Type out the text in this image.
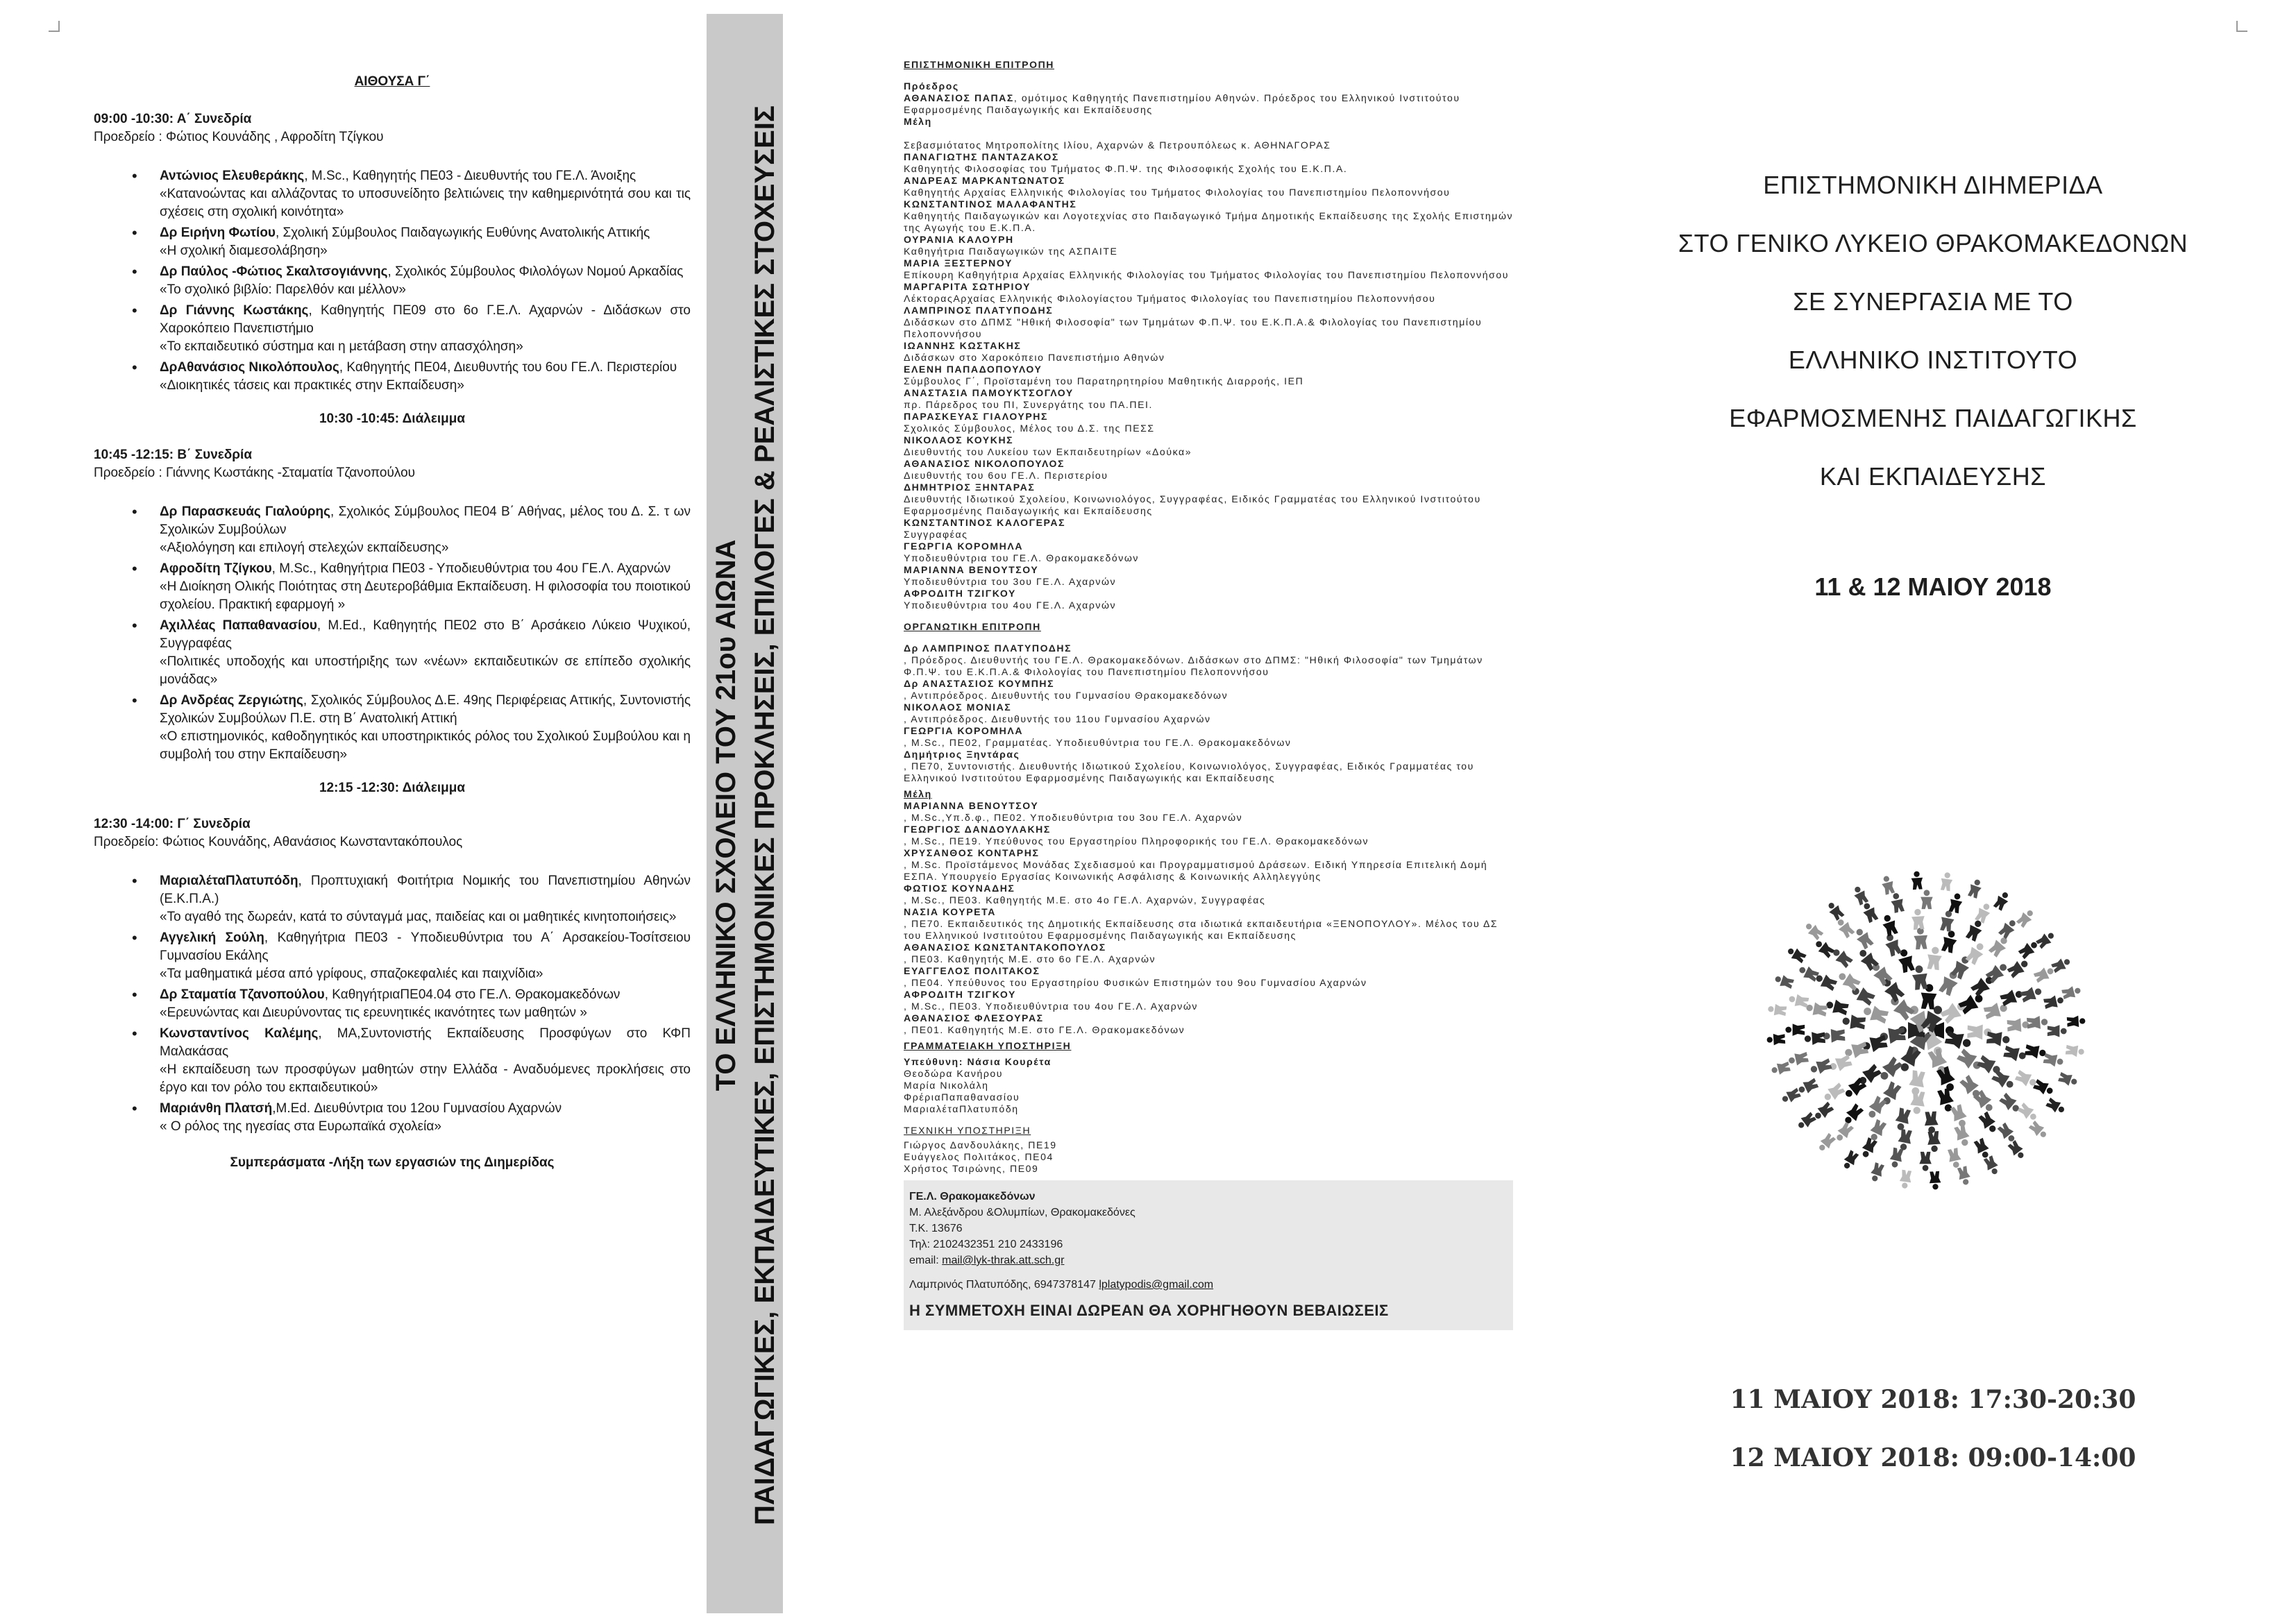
ΑΙΘΟΥΣΑ Γ΄
09:00 -10:30: Α΄ Συνεδρία
Προεδρείο : Φώτιος Κουνάδης , Αφροδίτη Τζίγκου
• Αντώνιος Ελευθεράκης, M.Sc., Καθηγητής ΠΕ03 - Διευθυντής του ΓΕ.Λ. Άνοιξης
«Κατανοώντας και αλλάζοντας το υποσυνείδητο βελτιώνεις την καθημερινότητά σου και τις σχέσεις στη σχολική κοινότητα»
• Δρ Ειρήνη Φωτίου, Σχολική Σύμβουλος Παιδαγωγικής Ευθύνης Ανατολικής Αττικής
«Η σχολική διαμεσολάβηση»
• Δρ Παύλος -Φώτιος Σκαλτσογιάννης, Σχολικός Σύμβουλος Φιλολόγων Νομού Αρκαδίας
«Το σχολικό βιβλίο: Παρελθόν και μέλλον»
• Δρ Γιάννης Κωστάκης, Καθηγητής ΠΕ09 στο 6ο Γ.Ε.Λ. Αχαρνών - Διδάσκων στο Χαροκόπειο Πανεπιστήμιο
«Το εκπαιδευτικό σύστημα και η μετάβαση στην απασχόληση»
• ΔρΑθανάσιος Νικολόπουλος, Καθηγητής ΠΕ04, Διευθυντής του 6ου ΓΕ.Λ. Περιστερίου
«Διοικητικές τάσεις και πρακτικές στην Εκπαίδευση»
10:30 -10:45: Διάλειμμα
10:45 -12:15: Β΄ Συνεδρία
Προεδρείο : Γιάννης Κωστάκης -Σταματία Τζανοπούλου
• Δρ Παρασκευάς Γιαλούρης, Σχολικός Σύμβουλος ΠΕ04 Β΄ Αθήνας, μέλος του Δ. Σ. τ ων Σχολικών Συμβούλων
«Αξιολόγηση και επιλογή στελεχών εκπαίδευσης»
• Αφροδίτη Τζίγκου, M.Sc., Καθηγήτρια ΠΕ03 - Υποδιευθύντρια του 4ου ΓΕ.Λ. Αχαρνών
«Η Διοίκηση Ολικής Ποιότητας στη Δευτεροβάθμια Εκπαίδευση. Η φιλοσοφία του ποιοτικού σχολείου. Πρακτική εφαρμογή »
• Αχιλλέας Παπαθανασίου, M.Ed., Καθηγητής ΠΕ02 στο Β΄ Αρσάκειο Λύκειο Ψυχικού, Συγγραφέας
«Πολιτικές υποδοχής και υποστήριξης των «νέων» εκπαιδευτικών σε επίπεδο σχολικής μονάδας»
• Δρ Ανδρέας Ζεργιώτης, Σχολικός Σύμβουλος Δ.Ε. 49ης Περιφέρειας Αττικής, Συντονιστής Σχολικών Συμβούλων Π.Ε. στη Β΄ Ανατολική Αττική
«Ο επιστημονικός, καθοδηγητικός και υποστηρικτικός ρόλος του Σχολικού Συμβούλου και η συμβολή του στην Εκπαίδευση»
12:15 -12:30: Διάλειμμα
12:30 -14:00: Γ΄ Συνεδρία
Προεδρείο: Φώτιος Κουνάδης, Αθανάσιος Κωνσταντακόπουλος
• ΜαριαλέταΠλατυπόδη, Προπτυχιακή Φοιτήτρια Νομικής του Πανεπιστημίου Αθηνών (Ε.Κ.Π.Α.)
«Το αγαθό της δωρεάν, κατά το σύνταγμά μας, παιδείας και οι μαθητικές κινητοποιήσεις»
• Αγγελική Σούλη, Καθηγήτρια ΠΕ03 - Υποδιευθύντρια του Α΄ Αρσακείου-Τοσίτσειου Γυμνασίου Εκάλης
«Τα μαθηματικά μέσα από γρίφους, σπαζοκεφαλιές και παιχνίδια»
• Δρ Σταματία Τζανοπούλου, ΚαθηγήτριαΠΕ04.04 στο ΓΕ.Λ. Θρακομακεδόνων
«Ερευνώντας και Διευρύνοντας τις ερευνητικές ικανότητες των μαθητών »
• Κωνσταντίνος Καλέμης, ΜΑ,Συντονιστής Εκπαίδευσης Προσφύγων στο ΚΦΠ Μαλακάσας
«Η εκπαίδευση των προσφύγων μαθητών στην Ελλάδα - Αναδυόμενες προκλήσεις στο έργο και τον ρόλο του εκπαιδευτικού»
• Μαριάνθη Πλατσή,M.Ed. Διευθύντρια του 12ου Γυμνασίου Αχαρνών
« Ο ρόλος της ηγεσίας στα Ευρωπαϊκά σχολεία»
Συμπεράσματα -Λήξη των εργασιών της Διημερίδας
ΤΟ ΕΛΛΗΝΙΚΟ ΣΧΟΛΕΙΟ ΤΟΥ 21ου ΑΙΩΝΑ ΠΑΙΔΑΓΩΓΙΚΕΣ, ΕΚΠΑΙΔΕΥΤΙΚΕΣ, ΕΠΙΣΤΗΜΟΝΙΚΕΣ ΠΡΟΚΛΗΣΕΙΣ, ΕΠΙΛΟΓΕΣ & ΡΕΑΛΙΣΤΙΚΕΣ ΣΤΟΧΕΥΣΕΙΣ
ΕΠΙΣΤΗΜΟΝΙΚΗ ΕΠΙΤΡΟΠΗ
Πρόεδρος
ΑΘΑΝΑΣΙΟΣ ΠΑΠΑΣ, ομότιμος Καθηγητής Πανεπιστημίου Αθηνών. Πρόεδρος του Ελληνικού Ινστιτούτου Εφαρμοσμένης Παιδαγωγικής και Εκπαίδευσης
Μέλη

Σεβασμιότατος Μητροπολίτης Ιλίου, Αχαρνών & Πετρουπόλεως κ. ΑΘΗΝΑΓΟΡΑΣ
ΠΑΝΑΓΙΩΤΗΣ ΠΑΝΤΑΖΑΚΟΣ
Καθηγητής Φιλοσοφίας του Τμήματος Φ.Π.Ψ. της Φιλοσοφικής Σχολής του Ε.Κ.Π.Α.
ΑΝΔΡΕΑΣ ΜΑΡΚΑΝΤΩΝΑΤΟΣ
Καθηγητής Αρχαίας Ελληνικής Φιλολογίας του Τμήματος Φιλολογίας του Πανεπιστημίου Πελοποννήσου
ΚΩΝΣΤΑΝΤΙΝΟΣ ΜΑΛΑΦΑΝΤΗΣ
Καθηγητής Παιδαγωγικών και Λογοτεχνίας στο Παιδαγωγικό Τμήμα Δημοτικής Εκπαίδευσης της Σχολής Επιστημών της Αγωγής του Ε.Κ.Π.Α.
ΟΥΡΑΝΙΑ ΚΑΛΟΥΡΗ
Καθηγήτρια Παιδαγωγικών της ΑΣΠΑΙΤΕ
ΜΑΡΙΑ ΞΕΣΤΕΡΝΟΥ
Επίκουρη Καθηγήτρια Αρχαίας Ελληνικής Φιλολογίας του Τμήματος Φιλολογίας του Πανεπιστημίου Πελοποννήσου
ΜΑΡΓΑΡΙΤΑ ΣΩΤΗΡΙΟΥ
ΛέκτοραςΑρχαίας Ελληνικής Φιλολογίαςτου Τμήματος Φιλολογίας του Πανεπιστημίου Πελοποννήσου
ΛΑΜΠΡΙΝΟΣ ΠΛΑΤΥΠΟΔΗΣ
Διδάσκων στο ΔΠΜΣ "Ηθική Φιλοσοφία" των Τμημάτων Φ.Π.Ψ. του Ε.Κ.Π.Α.& Φιλολογίας του Πανεπιστημίου Πελοποννήσου
ΙΩΑΝΝΗΣ ΚΩΣΤΑΚΗΣ
Διδάσκων στο Χαροκόπειο Πανεπιστήμιο Αθηνών
ΕΛΕΝΗ ΠΑΠΑΔΟΠΟΥΛΟΥ
Σύμβουλος Γ΄, Προϊσταμένη του Παρατηρητηρίου Μαθητικής Διαρροής, ΙΕΠ
ΑΝΑΣΤΑΣΙΑ ΠΑΜΟΥΚΤΣΟΓΛΟΥ
πρ. Πάρεδρος του ΠΙ, Συνεργάτης του ΠΑ.ΠΕΙ.
ΠΑΡΑΣΚΕΥΑΣ ΓΙΑΛΟΥΡΗΣ
Σχολικός Σύμβουλος, Μέλος του Δ.Σ. της ΠΕΣΣ
ΝΙΚΟΛΑΟΣ ΚΟΥΚΗΣ
Διευθυντής του Λυκείου των Εκπαιδευτηρίων «Δούκα»
ΑΘΑΝΑΣΙΟΣ ΝΙΚΟΛΟΠΟΥΛΟΣ
Διευθυντής του 6ου ΓΕ.Λ. Περιστερίου
ΔΗΜΗΤΡΙΟΣ ΞΗΝΤΑΡΑΣ
Διευθυντής Ιδιωτικού Σχολείου, Κοινωνιολόγος, Συγγραφέας, Ειδικός Γραμματέας του Ελληνικού Ινστιτούτου Εφαρμοσμένης Παιδαγωγικής και Εκπαίδευσης
ΚΩΝΣΤΑΝΤΙΝΟΣ ΚΑΛΟΓΕΡΑΣ
Συγγραφέας
ΓΕΩΡΓΙΑ ΚΟΡΟΜΗΛΑ
Υποδιευθύντρια του ΓΕ.Λ. Θρακομακεδόνων
ΜΑΡΙΑΝΝΑ ΒΕΝΟΥΤΣΟΥ
Υποδιευθύντρια του 3ου ΓΕ.Λ. Αχαρνών
ΑΦΡΟΔΙΤΗ ΤΖΙΓΚΟΥ
Υποδιευθύντρια του 4ου ΓΕ.Λ. Αχαρνών
ΟΡΓΑΝΩΤΙΚΗ ΕΠΙΤΡΟΠΗ
Δρ ΛΑΜΠΡΙΝΟΣ ΠΛΑΤΥΠΟΔΗΣ
, Πρόεδρος. Διευθυντής του ΓΕ.Λ. Θρακομακεδόνων. Διδάσκων στο ΔΠΜΣ: "Ηθική Φιλοσοφία" των Τμημάτων Φ.Π.Ψ. του Ε.Κ.Π.Α.& Φιλολογίας του Πανεπιστημίου Πελοποννήσου
Δρ ΑΝΑΣΤΑΣΙΟΣ ΚΟΥΜΠΗΣ
, Αντιπρόεδρος. Διευθυντής του Γυμνασίου Θρακομακεδόνων
ΝΙΚΟΛΑΟΣ ΜΟΝΙΑΣ
, Αντιπρόεδρος. Διευθυντής του 11ου Γυμνασίου Αχαρνών
ΓΕΩΡΓΙΑ ΚΟΡΟΜΗΛΑ
, M.Sc., ΠΕ02, Γραμματέας. Υποδιευθύντρια του ΓΕ.Λ. Θρακομακεδόνων
Δημήτριος Ξηντάρας
, ΠΕ70, Συντονιστής. Διευθυντής Ιδιωτικού Σχολείου, Κοινωνιολόγος, Συγγραφέας, Ειδικός Γραμματέας του Ελληνικού Ινστιτούτου Εφαρμοσμένης Παιδαγωγικής και Εκπαίδευσης
Μέλη
ΜΑΡΙΑΝΝΑ ΒΕΝΟΥΤΣΟΥ
, M.Sc.,Υπ.δ.φ., ΠΕ02. Υποδιευθύντρια του 3ου ΓΕ.Λ. Αχαρνών
ΓΕΩΡΓΙΟΣ ΔΑΝΔΟΥΛΑΚΗΣ
, M.Sc., ΠΕ19. Υπεύθυνος του Εργαστηρίου Πληροφορικής του ΓΕ.Λ. Θρακομακεδόνων
ΧΡΥΣΑΝΘΟΣ ΚΟΝΤΑΡΗΣ
, M.Sc. Προϊστάμενος Μονάδας Σχεδιασμού και Προγραμματισμού Δράσεων. Ειδική Υπηρεσία Επιτελική Δομή ΕΣΠΑ. Υπουργείο Εργασίας Κοινωνικής Ασφάλισης & Κοινωνικής Αλληλεγγύης
ΦΩΤΙΟΣ ΚΟΥΝΑΔΗΣ
, M.Sc., ΠΕ03. Καθηγητής Μ.Ε. στο 4ο ΓΕ.Λ. Αχαρνών, Συγγραφέας
ΝΑΣΙΑ ΚΟΥΡΕΤΑ
, ΠΕ70. Εκπαιδευτικός της Δημοτικής Εκπαίδευσης στα ιδιωτικά εκπαιδευτήρια «ΞΕΝΟΠΟΥΛΟΥ». Μέλος του ΔΣ του Ελληνικού Ινστιτούτου Εφαρμοσμένης Παιδαγωγικής και Εκπαίδευσης
ΑΘΑΝΑΣΙΟΣ ΚΩΝΣΤΑΝΤΑΚΟΠΟΥΛΟΣ
, ΠΕ03. Καθηγητής Μ.Ε. στο 6ο ΓΕ.Λ. Αχαρνών
ΕΥΑΓΓΕΛΟΣ ΠΟΛΙΤΑΚΟΣ
, ΠΕ04. Υπεύθυνος του Εργαστηρίου Φυσικών Επιστημών του 9ου Γυμνασίου Αχαρνών
ΑΦΡΟΔΙΤΗ ΤΖΙΓΚΟΥ
, M.Sc., ΠΕ03. Υποδιευθύντρια του 4ου ΓΕ.Λ. Αχαρνών
ΑΘΑΝΑΣΙΟΣ ΦΛΕΣΟΥΡΑΣ
, ΠΕ01. Καθηγητής Μ.Ε. στο ΓΕ.Λ. Θρακομακεδόνων
ΓΡΑΜΜΑΤΕΙΑΚΗ ΥΠΟΣΤΗΡΙΞΗ
Υπεύθυνη: Νάσια Κουρέτα
Θεοδώρα Κανήρου
Μαρία Νικολάλη
ΦρέριαΠαπαθανασίου
ΜαριαλέταΠλατυπόδη
ΤΕΧΝΙΚΗ ΥΠΟΣΤΗΡΙΞΗ
Γιώργος Δανδουλάκης, ΠΕ19
Ευάγγελος Πολιτάκος, ΠΕ04
Χρήστος Τσιρώνης, ΠΕ09
ΓΕ.Λ. Θρακομακεδόνων
Μ. Αλεξάνδρου &Ολυμπίων, Θρακομακεδόνες
Τ.Κ. 13676
Τηλ: 2102432351 210 2433196
email: mail@lyk-thrak.att.sch.gr
Λαμπρινός Πλατυπόδης, 6947378147 lplatypodis@gmail.com
Η ΣΥΜΜΕΤΟΧΗ ΕΙΝΑΙ ΔΩΡΕΑΝ ΘΑ ΧΟΡΗΓΗΘΟΥΝ ΒΕΒΑΙΩΣΕΙΣ
ΕΠΙΣΤΗΜΟΝΙΚΗ ΔΙΗΜΕΡΙΔΑ
ΣΤΟ ΓΕΝΙΚΟ ΛΥΚΕΙΟ ΘΡΑΚΟΜΑΚΕΔΟΝΩΝ
ΣΕ ΣΥΝΕΡΓΑΣΙΑ ΜΕ ΤΟ
ΕΛΛΗΝΙΚΟ ΙΝΣΤΙΤΟΥΤΟ
ΕΦΑΡΜΟΣΜΕΝΗΣ ΠΑΙΔΑΓΩΓΙΚΗΣ
ΚΑΙ ΕΚΠΑΙΔΕΥΣΗΣ
11 & 12 ΜΑΙΟΥ 2018
11 ΜΑΙΟΥ 2018: 17:30-20:30
12 ΜΑΙΟΥ 2018: 09:00-14:00
